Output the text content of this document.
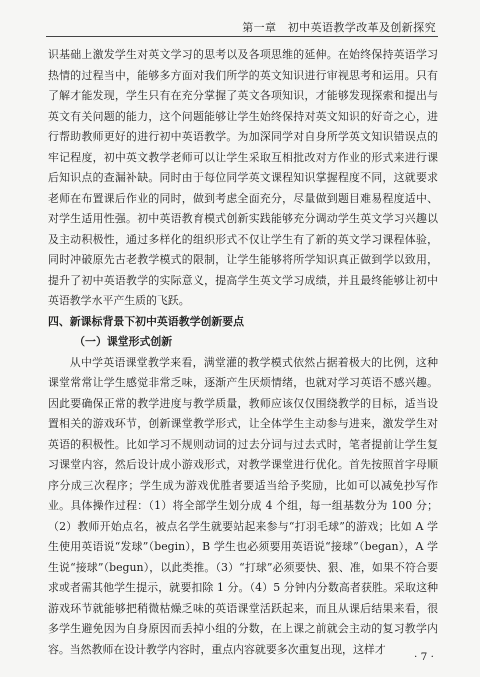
第一章　初中英语教学改革及创新探究

识基础上激发学生对英文学习的思考以及各项思维的延伸。在始终保持英语学习热情的过程当中，能够多方面对我们所学的英文知识进行审视思考和运用。只有了解才能发现，学生只有在充分掌握了英文各项知识，才能够发现探索和提出与英文有关问题的能力，这个问题能够让学生始终保持对英文知识的好奇之心，进行帮助教师更好的进行初中英语教学。为加深同学对自身所学英文知识错误点的牢记程度，初中英文教学老师可以让学生采取互相批改对方作业的形式来进行课后知识点的查漏补缺。同时由于每位同学英文课程知识掌握程度不同，这就要求老师在布置课后作业的同时，做到考虑全面充分，尽量做到题目难易程度适中、对学生适用性强。初中英语教育模式创新实践能够充分调动学生英文学习兴趣以及主动积极性，通过多样化的组织形式不仅让学生有了新的英文学习课程体验，同时冲破原先古老教学模式的限制，让学生能够将所学知识真正做到学以致用，提升了初中英语教学的实际意义，提高学生英文学习成绩，并且最终能够让初中英语教学水平产生质的飞跃。

四、新课标背景下初中英语教学创新要点

（一）课堂形式创新

从中学英语课堂教学来看，满堂灌的教学模式依然占据着极大的比例，这种课堂常常让学生感觉非常乏味，逐渐产生厌烦情绪，也就对学习英语不感兴趣。因此要确保正常的教学进度与教学质量，教师应该仅仅围绕教学的目标，适当设置相关的游戏环节，创新课堂教学形式，让全体学生主动参与进来，激发学生对英语的积极性。比如学习不规则动词的过去分词与过去式时，笔者提前让学生复习课堂内容，然后设计成小游戏形式，对教学课堂进行优化。首先按照首字母顺序分成三次程序；学生成为游戏优胜者要适当给予奖励，比如可以减免抄写作业。具体操作过程：（1）将全部学生划分成 4 个组，每一组基数分为 100 分；（2）教师开始点名，被点名学生就要站起来参与“打羽毛球”的游戏；比如 A 学生使用英语说“发球”（begin），B 学生也必须要用英语说“接球”（began），A 学生说“接球”（begun），以此类推。（3）“打球”必须要快、狠、准，如果不符合要求或者需其他学生提示，就要扣除 1 分。（4）5 分钟内分数高者获胜。采取这种游戏环节就能够把稍微枯燥乏味的英语课堂活跃起来，而且从课后结果来看，很多学生避免因为自身原因而丢掉小组的分数，在上课之前就会主动的复习教学内容。当然教师在设计教学内容时，重点内容就要多次重复出现，这样才

· 7 ·
